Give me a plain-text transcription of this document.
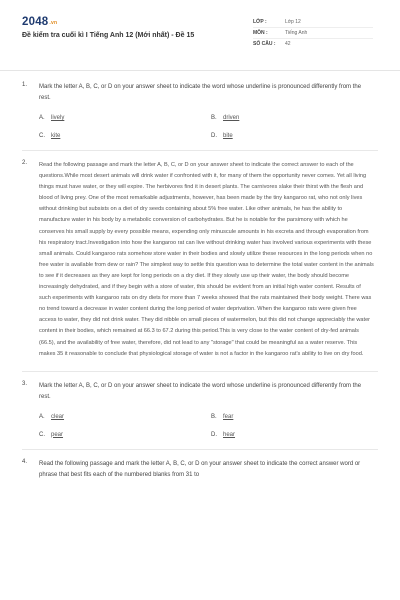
2048.vn
Đề kiểm tra cuối kì I Tiếng Anh 12 (Mới nhất) - Đề 15
LỚP :	Lớp 12
MÔN :	Tiếng Anh
SỐ CÂU :	42
1. Mark the letter A, B, C, or D on your answer sheet to indicate the word whose underline is pronounced differently from the rest.
A. lively	B. driven
C. kite	D. bite
2. Read the following passage and mark the letter A, B, C, or D on your answer sheet to indicate the correct answer to each of the questions.While most desert animals will drink water if confronted with it, for many of them the opportunity never comes. Yet all living things must have water, or they will expire. The herbivores find it in desert plants. The carnivores slake their thirst with the flesh and blood of living prey. One of the most remarkable adjustments, however, has been made by the tiny kangaroo rat, who not only lives without drinking but subsists on a diet of dry seeds containing about 5% free water. Like other animals, he has the ability to manufacture water in his body by a metabolic conversion of carbohydrates. But he is notable for the parsimony with which he conserves his small supply by every possible means, expending only minuscule amounts in his excreta and through evaporation from his respiratory tract.Investigation into how the kangaroo rat can live without drinking water has involved various experiments with these small animals. Could kangaroo rats somehow store water in their bodies and slowly utilize these resources in the long periods when no free water is available from dew or rain? The simplest way to settle this question was to determine the total water content in the animals to see if it decreases as they are kept for long periods on a dry diet. If they slowly use up their water, the body should become increasingly dehydrated, and if they begin with a store of water, this should be evident from an initial high water content. Results of such experiments with kangaroo rats on dry diets for more than 7 weeks showed that the rats maintained their body weight. There was no trend toward a decrease in water content during the long period of water deprivation. When the kangaroo rats were given free access to water, they did not drink water. They did nibble on small pieces of watermelon, but this did not change appreciably the water content in their bodies, which remained at 66.3 to 67.2 during this period.This is very close to the water content of dry-fed animals (66.5), and the availability of free water, therefore, did not lead to any "storage" that could be meaningful as a water reserve. This makes 35 it reasonable to conclude that physiological storage of water is not a factor in the kangaroo rat's ability to live on dry food.
3. Mark the letter A, B, C, or D on your answer sheet to indicate the word whose underline is pronounced differently from the rest.
A. clear	B. fear
C. pear	D. hear
4. Read the following passage and mark the letter A, B, C, or D on your answer sheet to indicate the correct answer word or phrase that best fits each of the numbered blanks from 31 to
